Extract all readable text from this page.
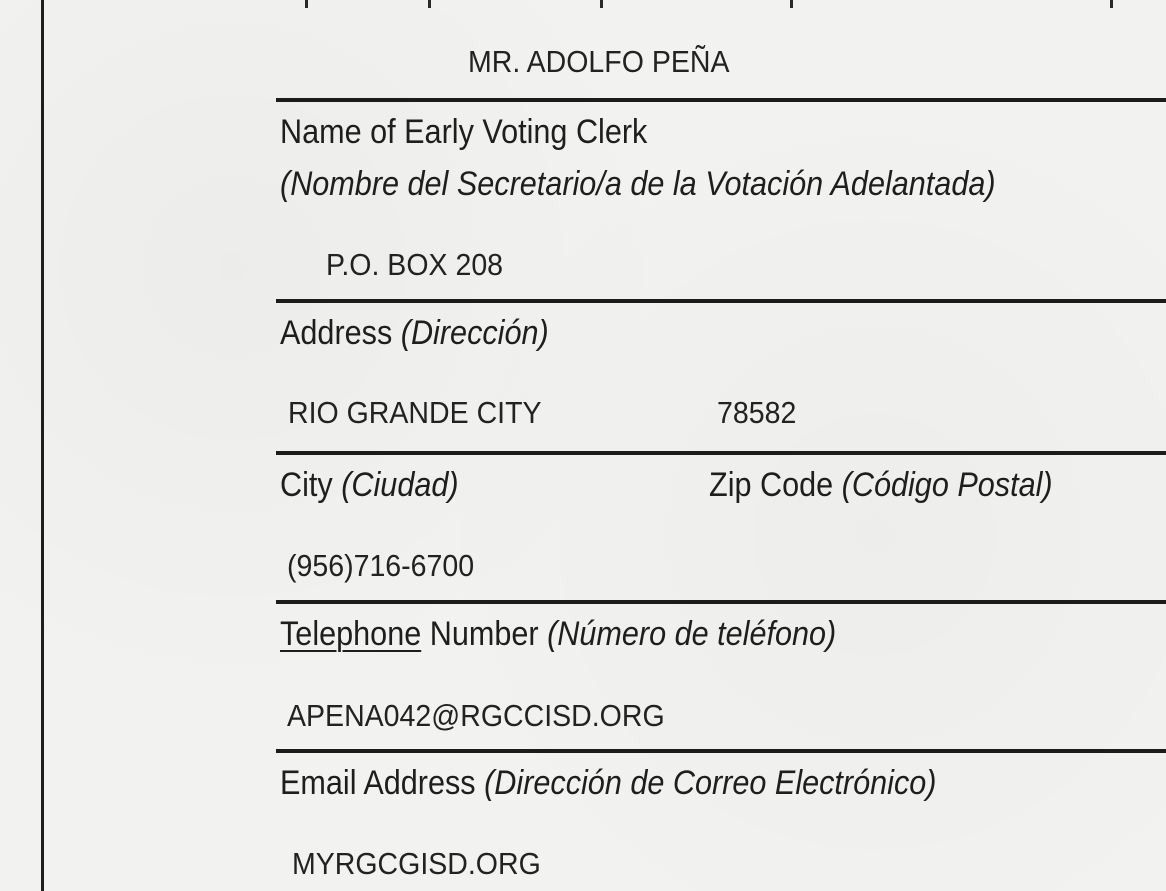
MR. ADOLFO PEÑA
Name of Early Voting Clerk
(Nombre del Secretario/a de la Votación Adelantada)
P.O. BOX 208
Address (Dirección)
RIO GRANDE CITY	78582
City (Ciudad)	Zip Code (Código Postal)
(956)716-6700
Telephone Number (Número de teléfono)
APENA042@RGCCISD.ORG
Email Address (Dirección de Correo Electrónico)
MYRGCGISD.ORG
